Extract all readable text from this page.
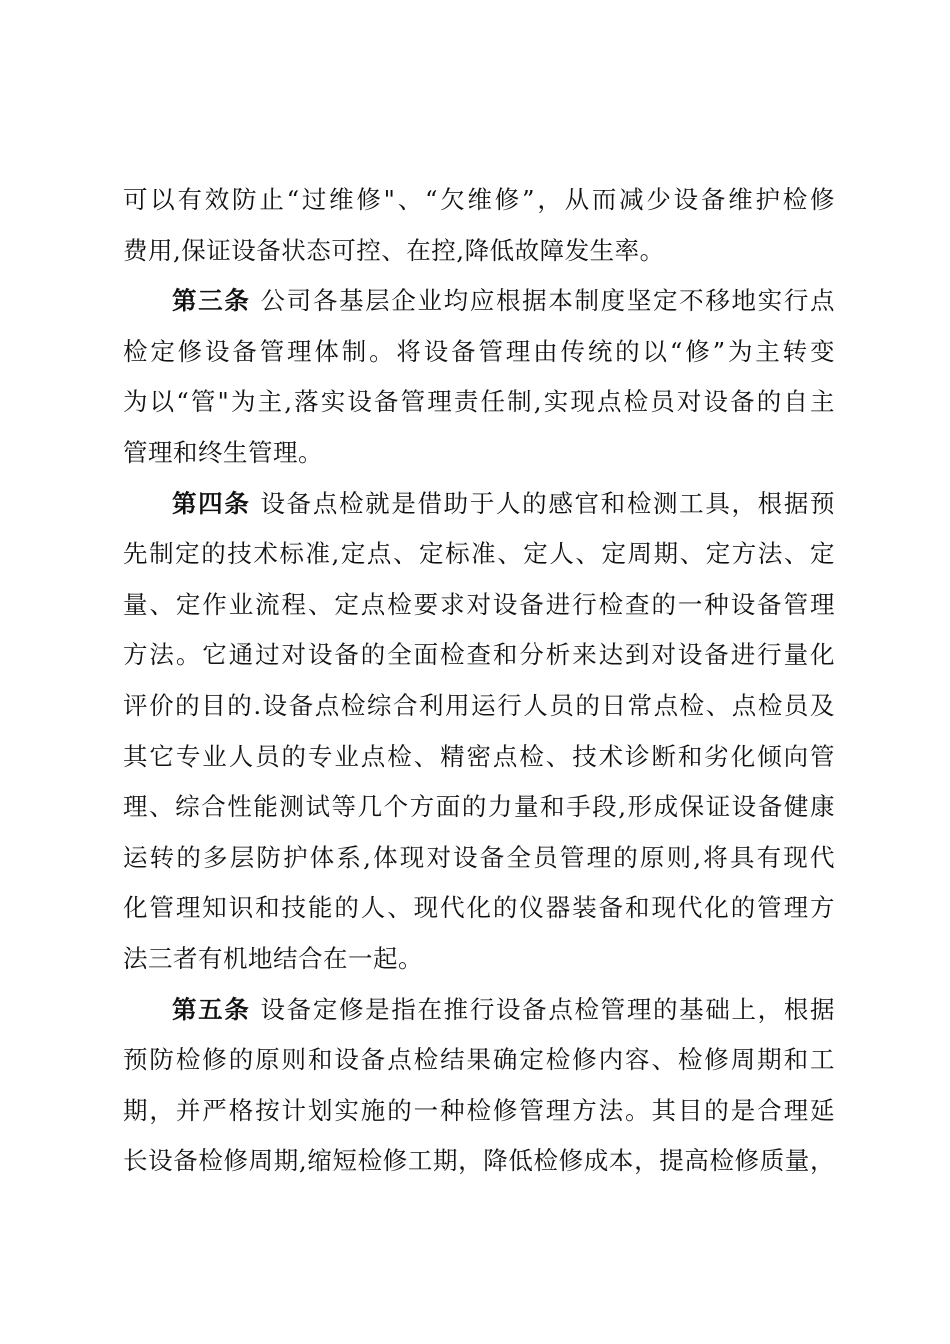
可以有效防止“过维修"、“欠维修”，从而减少设备维护检修
费用,保证设备状态可控、在控,降低故障发生率。
第三条 公司各基层企业均应根据本制度坚定不移地实行点
检定修设备管理体制。将设备管理由传统的以“修”为主转变
为以“管"为主,落实设备管理责任制,实现点检员对设备的自主
管理和终生管理。
第四条 设备点检就是借助于人的感官和检测工具，根据预
先制定的技术标准,定点、定标准、定人、定周期、定方法、定
量、定作业流程、定点检要求对设备进行检查的一种设备管理
方法。它通过对设备的全面检查和分析来达到对设备进行量化
评价的目的.设备点检综合利用运行人员的日常点检、点检员及
其它专业人员的专业点检、精密点检、技术诊断和劣化倾向管
理、综合性能测试等几个方面的力量和手段,形成保证设备健康
运转的多层防护体系,体现对设备全员管理的原则,将具有现代
化管理知识和技能的人、现代化的仪器装备和现代化的管理方
法三者有机地结合在一起。
第五条 设备定修是指在推行设备点检管理的基础上，根据
预防检修的原则和设备点检结果确定检修内容、检修周期和工
期，并严格按计划实施的一种检修管理方法。其目的是合理延
长设备检修周期,缩短检修工期，降低检修成本，提高检修质量，
